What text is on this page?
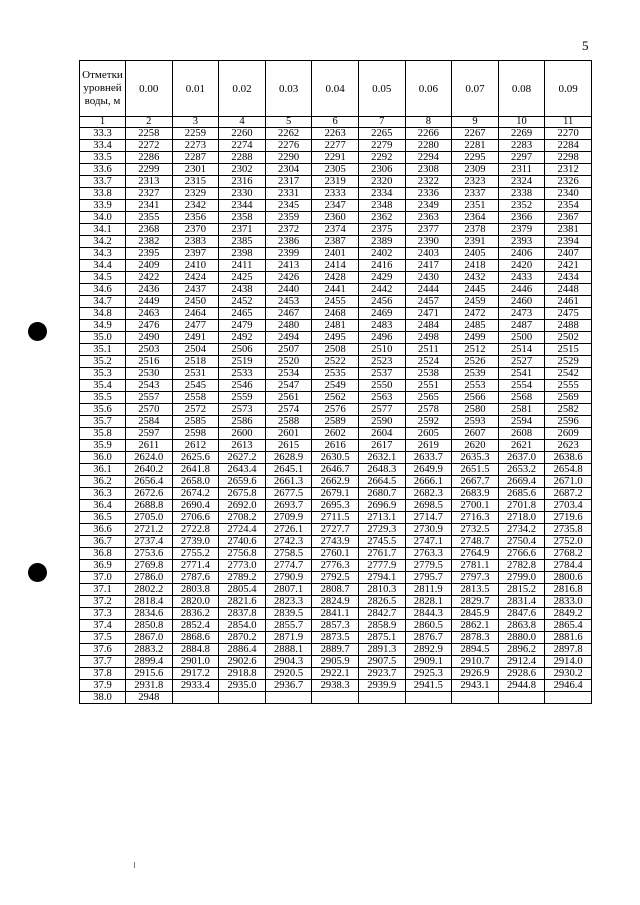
5
Отметки уровней воды, м	0.00	0.01	0.02	0.03	0.04	0.05	0.06	0.07	0.08	0.09
1	2	3	4	5	6	7	8	9	10	11
33.3	2258	2259	2260	2262	2263	2265	2266	2267	2269	2270
33.4	2272	2273	2274	2276	2277	2279	2280	2281	2283	2284
33.5	2286	2287	2288	2290	2291	2292	2294	2295	2297	2298
33.6	2299	2301	2302	2304	2305	2306	2308	2309	2311	2312
33.7	2313	2315	2316	2317	2319	2320	2322	2323	2324	2326
33.8	2327	2329	2330	2331	2333	2334	2336	2337	2338	2340
33.9	2341	2342	2344	2345	2347	2348	2349	2351	2352	2354
34.0	2355	2356	2358	2359	2360	2362	2363	2364	2366	2367
34.1	2368	2370	2371	2372	2374	2375	2377	2378	2379	2381
34.2	2382	2383	2385	2386	2387	2389	2390	2391	2393	2394
34.3	2395	2397	2398	2399	2401	2402	2403	2405	2406	2407
34.4	2409	2410	2411	2413	2414	2416	2417	2418	2420	2421
34.5	2422	2424	2425	2426	2428	2429	2430	2432	2433	2434
34.6	2436	2437	2438	2440	2441	2442	2444	2445	2446	2448
34.7	2449	2450	2452	2453	2455	2456	2457	2459	2460	2461
34.8	2463	2464	2465	2467	2468	2469	2471	2472	2473	2475
34.9	2476	2477	2479	2480	2481	2483	2484	2485	2487	2488
35.0	2490	2491	2492	2494	2495	2496	2498	2499	2500	2502
35.1	2503	2504	2506	2507	2508	2510	2511	2512	2514	2515
35.2	2516	2518	2519	2520	2522	2523	2524	2526	2527	2529
35.3	2530	2531	2533	2534	2535	2537	2538	2539	2541	2542
35.4	2543	2545	2546	2547	2549	2550	2551	2553	2554	2555
35.5	2557	2558	2559	2561	2562	2563	2565	2566	2568	2569
35.6	2570	2572	2573	2574	2576	2577	2578	2580	2581	2582
35.7	2584	2585	2586	2588	2589	2590	2592	2593	2594	2596
35.8	2597	2598	2600	2601	2602	2604	2605	2607	2608	2609
35.9	2611	2612	2613	2615	2616	2617	2619	2620	2621	2623
36.0	2624.0	2625.6	2627.2	2628.9	2630.5	2632.1	2633.7	2635.3	2637.0	2638.6
36.1	2640.2	2641.8	2643.4	2645.1	2646.7	2648.3	2649.9	2651.5	2653.2	2654.8
36.2	2656.4	2658.0	2659.6	2661.3	2662.9	2664.5	2666.1	2667.7	2669.4	2671.0
36.3	2672.6	2674.2	2675.8	2677.5	2679.1	2680.7	2682.3	2683.9	2685.6	2687.2
36.4	2688.8	2690.4	2692.0	2693.7	2695.3	2696.9	2698.5	2700.1	2701.8	2703.4
36.5	2705.0	2706.6	2708.2	2709.9	2711.5	2713.1	2714.7	2716.3	2718.0	2719.6
36.6	2721.2	2722.8	2724.4	2726.1	2727.7	2729.3	2730.9	2732.5	2734.2	2735.8
36.7	2737.4	2739.0	2740.6	2742.3	2743.9	2745.5	2747.1	2748.7	2750.4	2752.0
36.8	2753.6	2755.2	2756.8	2758.5	2760.1	2761.7	2763.3	2764.9	2766.6	2768.2
36.9	2769.8	2771.4	2773.0	2774.7	2776.3	2777.9	2779.5	2781.1	2782.8	2784.4
37.0	2786.0	2787.6	2789.2	2790.9	2792.5	2794.1	2795.7	2797.3	2799.0	2800.6
37.1	2802.2	2803.8	2805.4	2807.1	2808.7	2810.3	2811.9	2813.5	2815.2	2816.8
37.2	2818.4	2820.0	2821.6	2823.3	2824.9	2826.5	2828.1	2829.7	2831.4	2833.0
37.3	2834.6	2836.2	2837.8	2839.5	2841.1	2842.7	2844.3	2845.9	2847.6	2849.2
37.4	2850.8	2852.4	2854.0	2855.7	2857.3	2858.9	2860.5	2862.1	2863.8	2865.4
37.5	2867.0	2868.6	2870.2	2871.9	2873.5	2875.1	2876.7	2878.3	2880.0	2881.6
37.6	2883.2	2884.8	2886.4	2888.1	2889.7	2891.3	2892.9	2894.5	2896.2	2897.8
37.7	2899.4	2901.0	2902.6	2904.3	2905.9	2907.5	2909.1	2910.7	2912.4	2914.0
37.8	2915.6	2917.2	2918.8	2920.5	2922.1	2923.7	2925.3	2926.9	2928.6	2930.2
37.9	2931.8	2933.4	2935.0	2936.7	2938.3	2939.9	2941.5	2943.1	2944.8	2946.4
38.0	2948									
